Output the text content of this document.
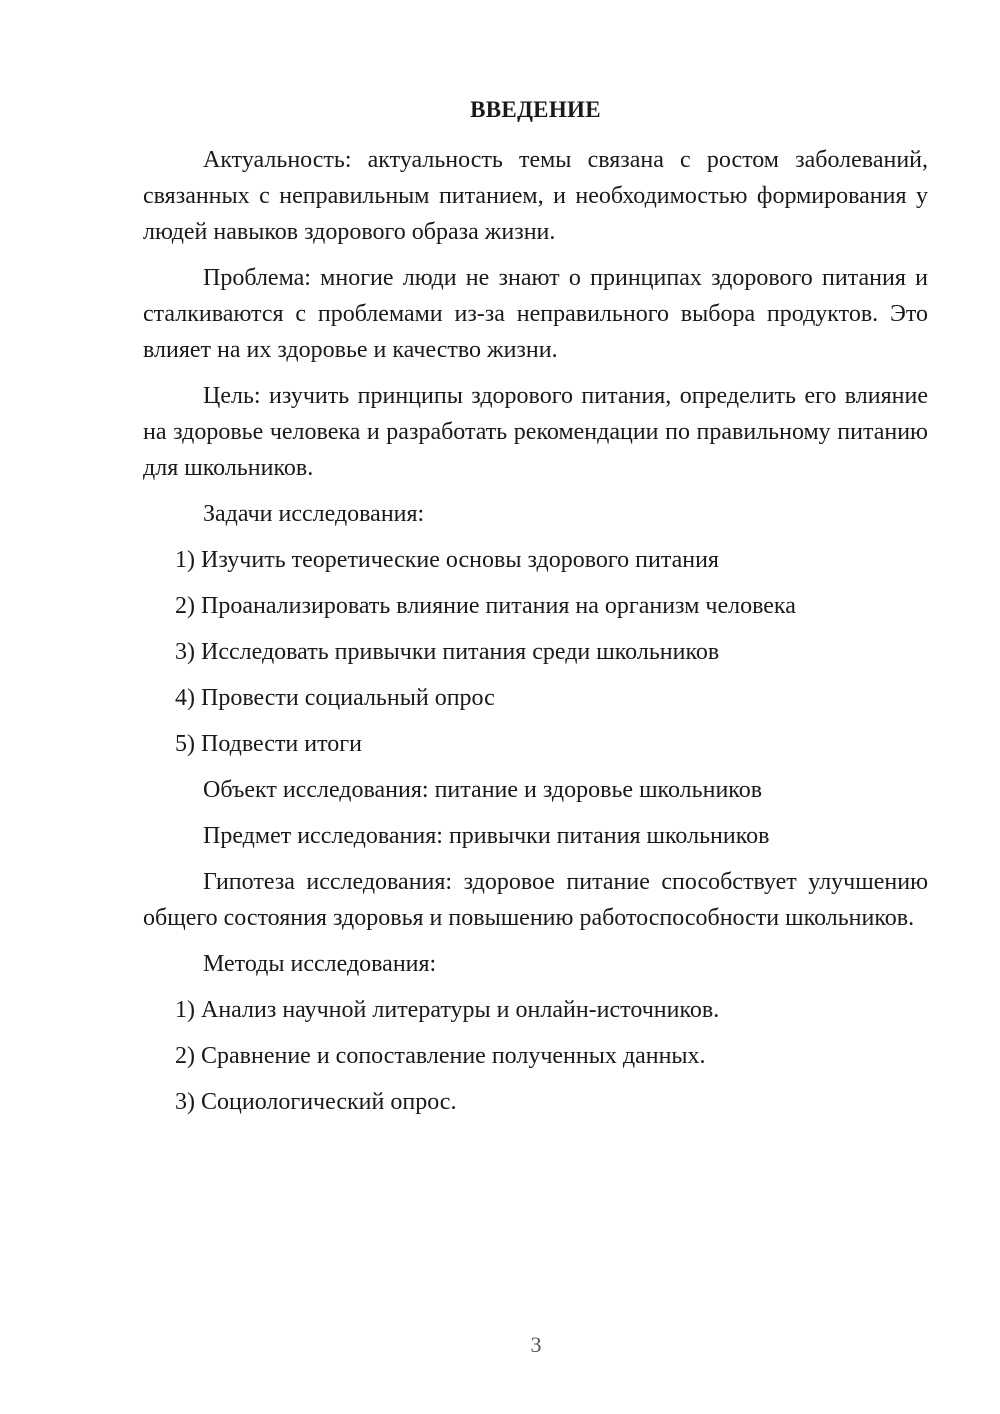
ВВЕДЕНИЕ

Актуальность: актуальность темы связана с ростом заболеваний, связанных с неправильным питанием, и необходимостью формирования у людей навыков здорового образа жизни.

Проблема: многие люди не знают о принципах здорового питания и сталкиваются с проблемами из-за неправильного выбора продуктов. Это влияет на их здоровье и качество жизни.

Цель: изучить принципы здорового питания, определить его влияние на здоровье человека и разработать рекомендации по правильному питанию для школьников.

Задачи исследования:

1) Изучить теоретические основы здорового питания
2) Проанализировать влияние питания на организм человека
3) Исследовать привычки питания среди школьников
4) Провести социальный опрос
5) Подвести итоги

Объект исследования: питание и здоровье школьников

Предмет исследования: привычки питания школьников

Гипотеза исследования: здоровое питание способствует улучшению общего состояния здоровья и повышению работоспособности школьников.

Методы исследования:

1) Анализ научной литературы и онлайн-источников.
2) Сравнение и сопоставление полученных данных.
3) Социологический опрос.
3
